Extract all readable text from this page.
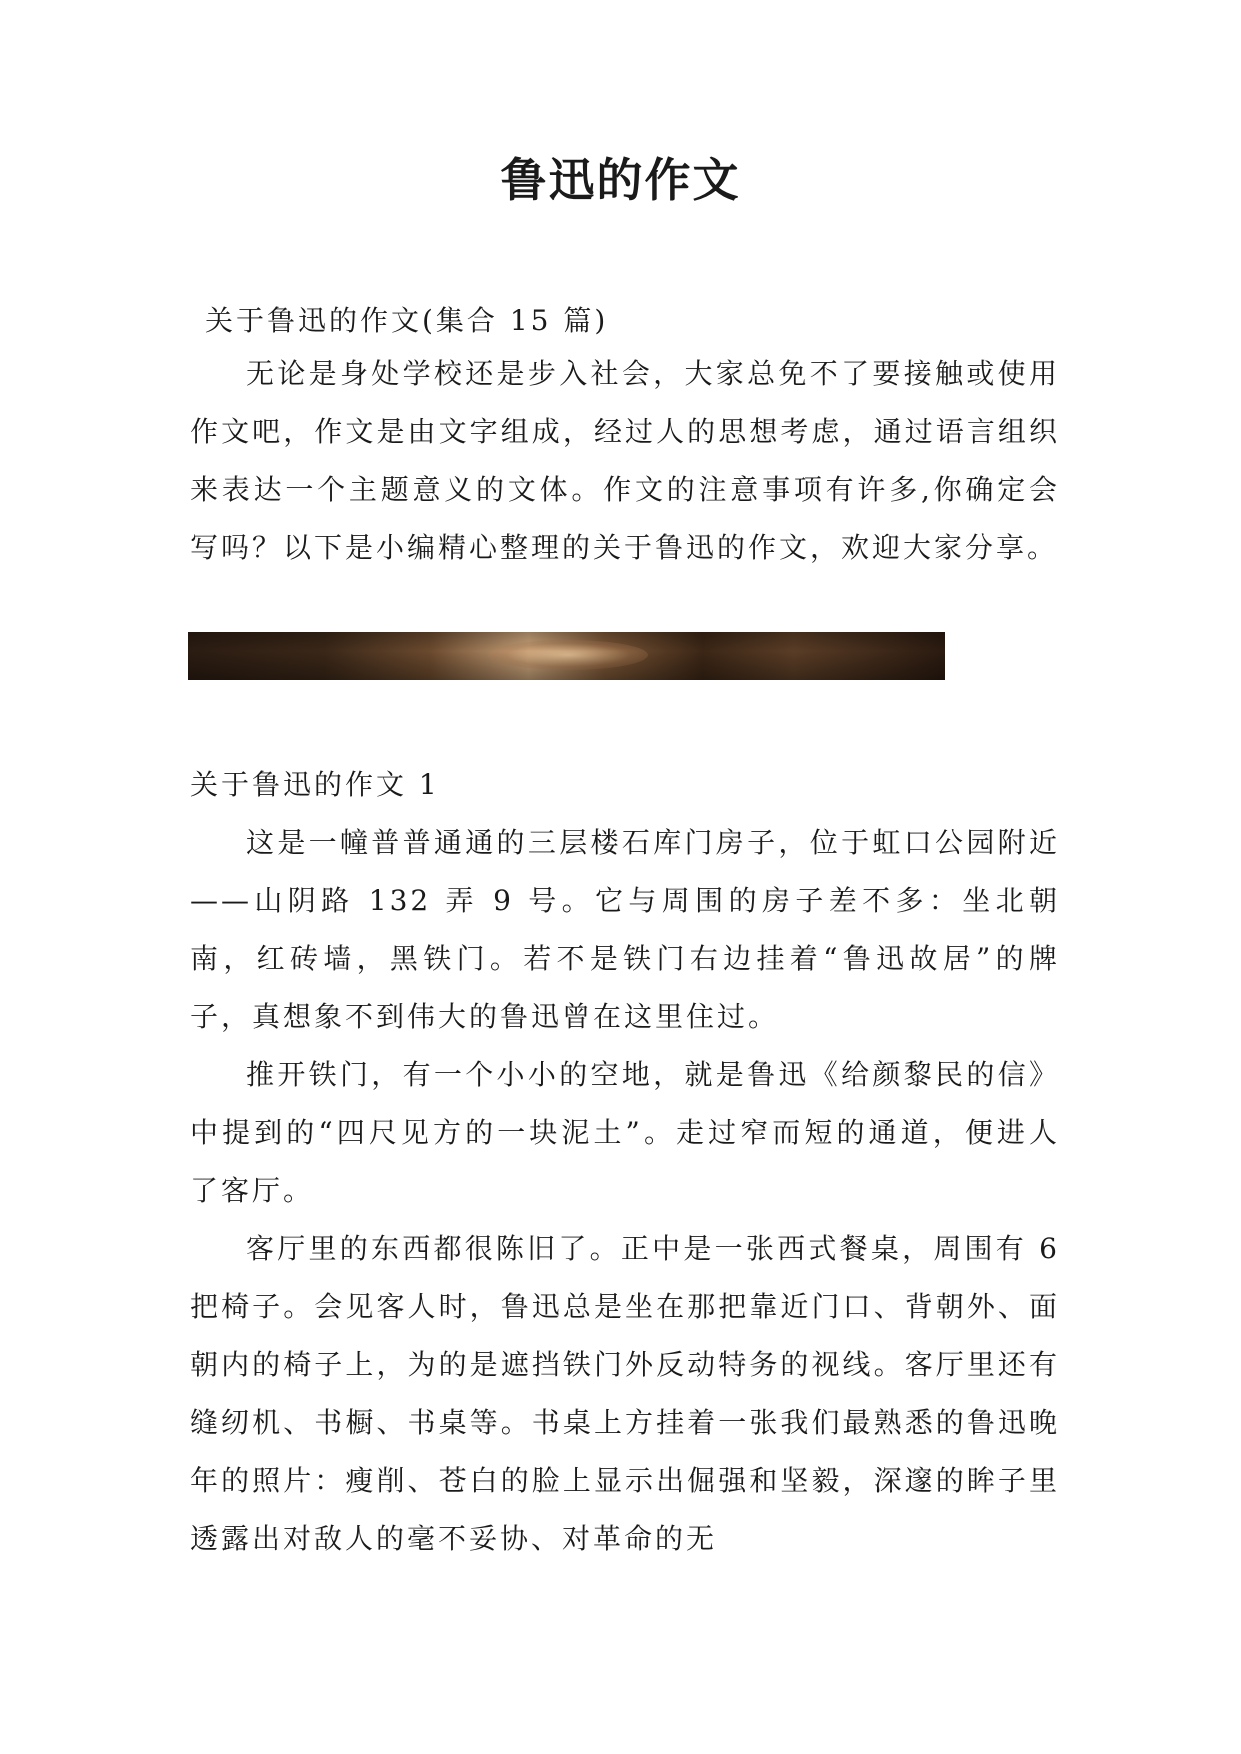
鲁迅的作文

关于鲁迅的作文(集合 15 篇)

无论是身处学校还是步入社会，大家总免不了要接触或使用作文吧，作文是由文字组成，经过人的思想考虑，通过语言组织来表达一个主题意义的文体。作文的注意事项有许多,你确定会写吗？以下是小编精心整理的关于鲁迅的作文，欢迎大家分享。

关于鲁迅的作文 1

这是一幢普普通通的三层楼石库门房子，位于虹口公园附近——山阴路 132 弄 9 号。它与周围的房子差不多：坐北朝南，红砖墙，黑铁门。若不是铁门右边挂着“鲁迅故居”的牌子，真想象不到伟大的鲁迅曾在这里住过。

推开铁门，有一个小小的空地，就是鲁迅《给颜黎民的信》中提到的“四尺见方的一块泥土”。走过窄而短的通道，便进人了客厅。

客厅里的东西都很陈旧了。正中是一张西式餐桌，周围有 6 把椅子。会见客人时，鲁迅总是坐在那把靠近门口、背朝外、面朝内的椅子上，为的是遮挡铁门外反动特务的视线。客厅里还有缝纫机、书橱、书桌等。书桌上方挂着一张我们最熟悉的鲁迅晚年的照片：瘦削、苍白的脸上显示出倔强和坚毅，深邃的眸子里透露出对敌人的毫不妥协、对革命的无
